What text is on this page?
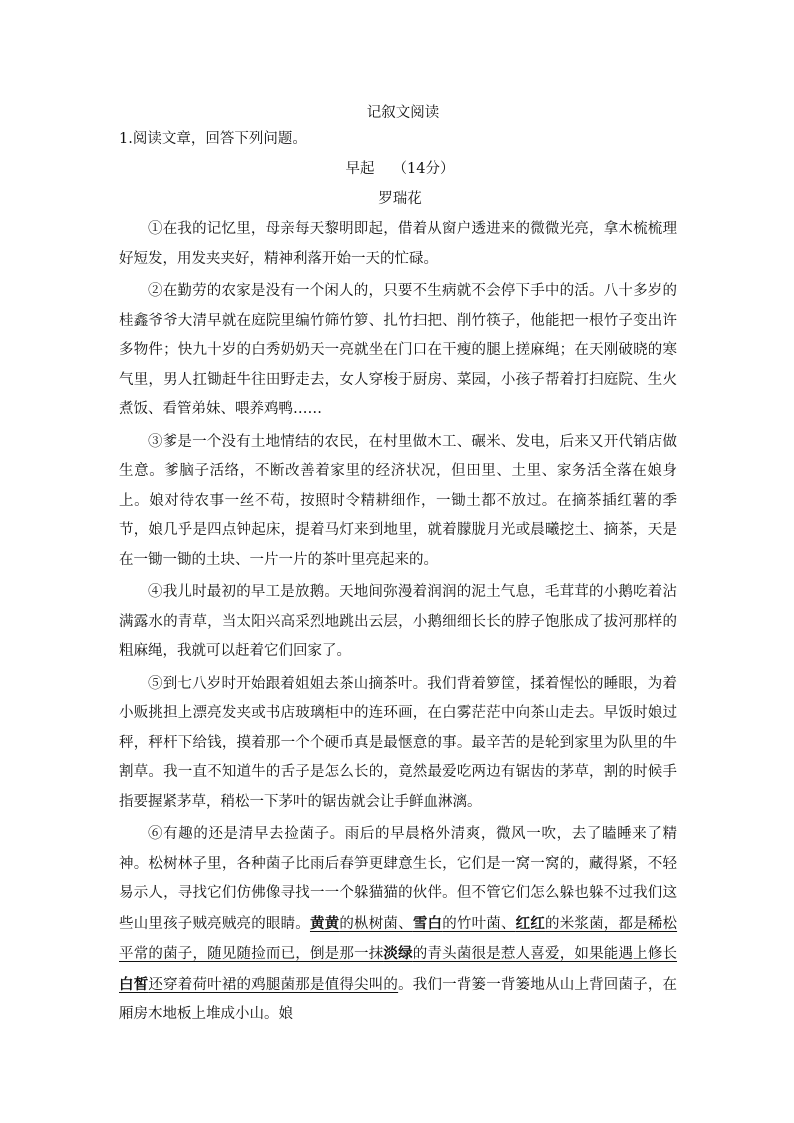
记叙文阅读

1.阅读文章，回答下列问题。

早起 （14分）

罗瑞花

①在我的记忆里，母亲每天黎明即起，借着从窗户透进来的微微光亮，拿木梳梳理好短发，用发夹夹好，精神利落开始一天的忙碌。

②在勤劳的农家是没有一个闲人的，只要不生病就不会停下手中的活。八十多岁的桂鑫爷爷大清早就在庭院里编竹筛竹箩、扎竹扫把、削竹筷子，他能把一根竹子变出许多物件；快九十岁的白秀奶奶天一亮就坐在门口在干瘦的腿上搓麻绳；在天刚破晓的寒气里，男人扛锄赶牛往田野走去，女人穿梭于厨房、菜园，小孩子帮着打扫庭院、生火煮饭、看管弟妹、喂养鸡鸭……

③爹是一个没有土地情结的农民，在村里做木工、碾米、发电，后来又开代销店做生意。爹脑子活络，不断改善着家里的经济状况，但田里、土里、家务活全落在娘身上。娘对待农事一丝不苟，按照时令精耕细作，一锄土都不放过。在摘茶插红薯的季节，娘几乎是四点钟起床，提着马灯来到地里，就着朦胧月光或晨曦挖土、摘茶，天是在一锄一锄的土块、一片一片的茶叶里亮起来的。

④我儿时最初的早工是放鹅。天地间弥漫着润润的泥土气息，毛茸茸的小鹅吃着沾满露水的青草，当太阳兴高采烈地跳出云层，小鹅细细长长的脖子饱胀成了拔河那样的粗麻绳，我就可以赶着它们回家了。

⑤到七八岁时开始跟着姐姐去茶山摘茶叶。我们背着箩筐，揉着惺忪的睡眼，为着小贩挑担上漂亮发夹或书店玻璃柜中的连环画，在白雾茫茫中向茶山走去。早饭时娘过秤，秤杆下给钱，摸着那一个个硬币真是最惬意的事。最辛苦的是轮到家里为队里的牛割草。我一直不知道牛的舌子是怎么长的，竟然最爱吃两边有锯齿的茅草，割的时候手指要握紧茅草，稍松一下茅叶的锯齿就会让手鲜血淋漓。

⑥有趣的还是清早去捡菌子。雨后的早晨格外清爽，微风一吹，去了瞌睡来了精神。松树林子里，各种菌子比雨后春笋更肆意生长，它们是一窝一窝的，藏得紧，不轻易示人，寻找它们仿佛像寻找一一个躲猫猫的伙伴。但不管它们怎么躲也躲不过我们这些山里孩子贼亮贼亮的眼睛。黄黄的枞树菌、雪白的竹叶菌、红红的米浆菌，都是稀松平常的菌子，随见随捡而已，倒是那一抹淡绿的青头菌很是惹人喜爱，如果能遇上修长白皙还穿着荷叶裙的鸡腿菌那是值得尖叫的。我们一背篓一背篓地从山上背回菌子，在厢房木地板上堆成小山。娘
